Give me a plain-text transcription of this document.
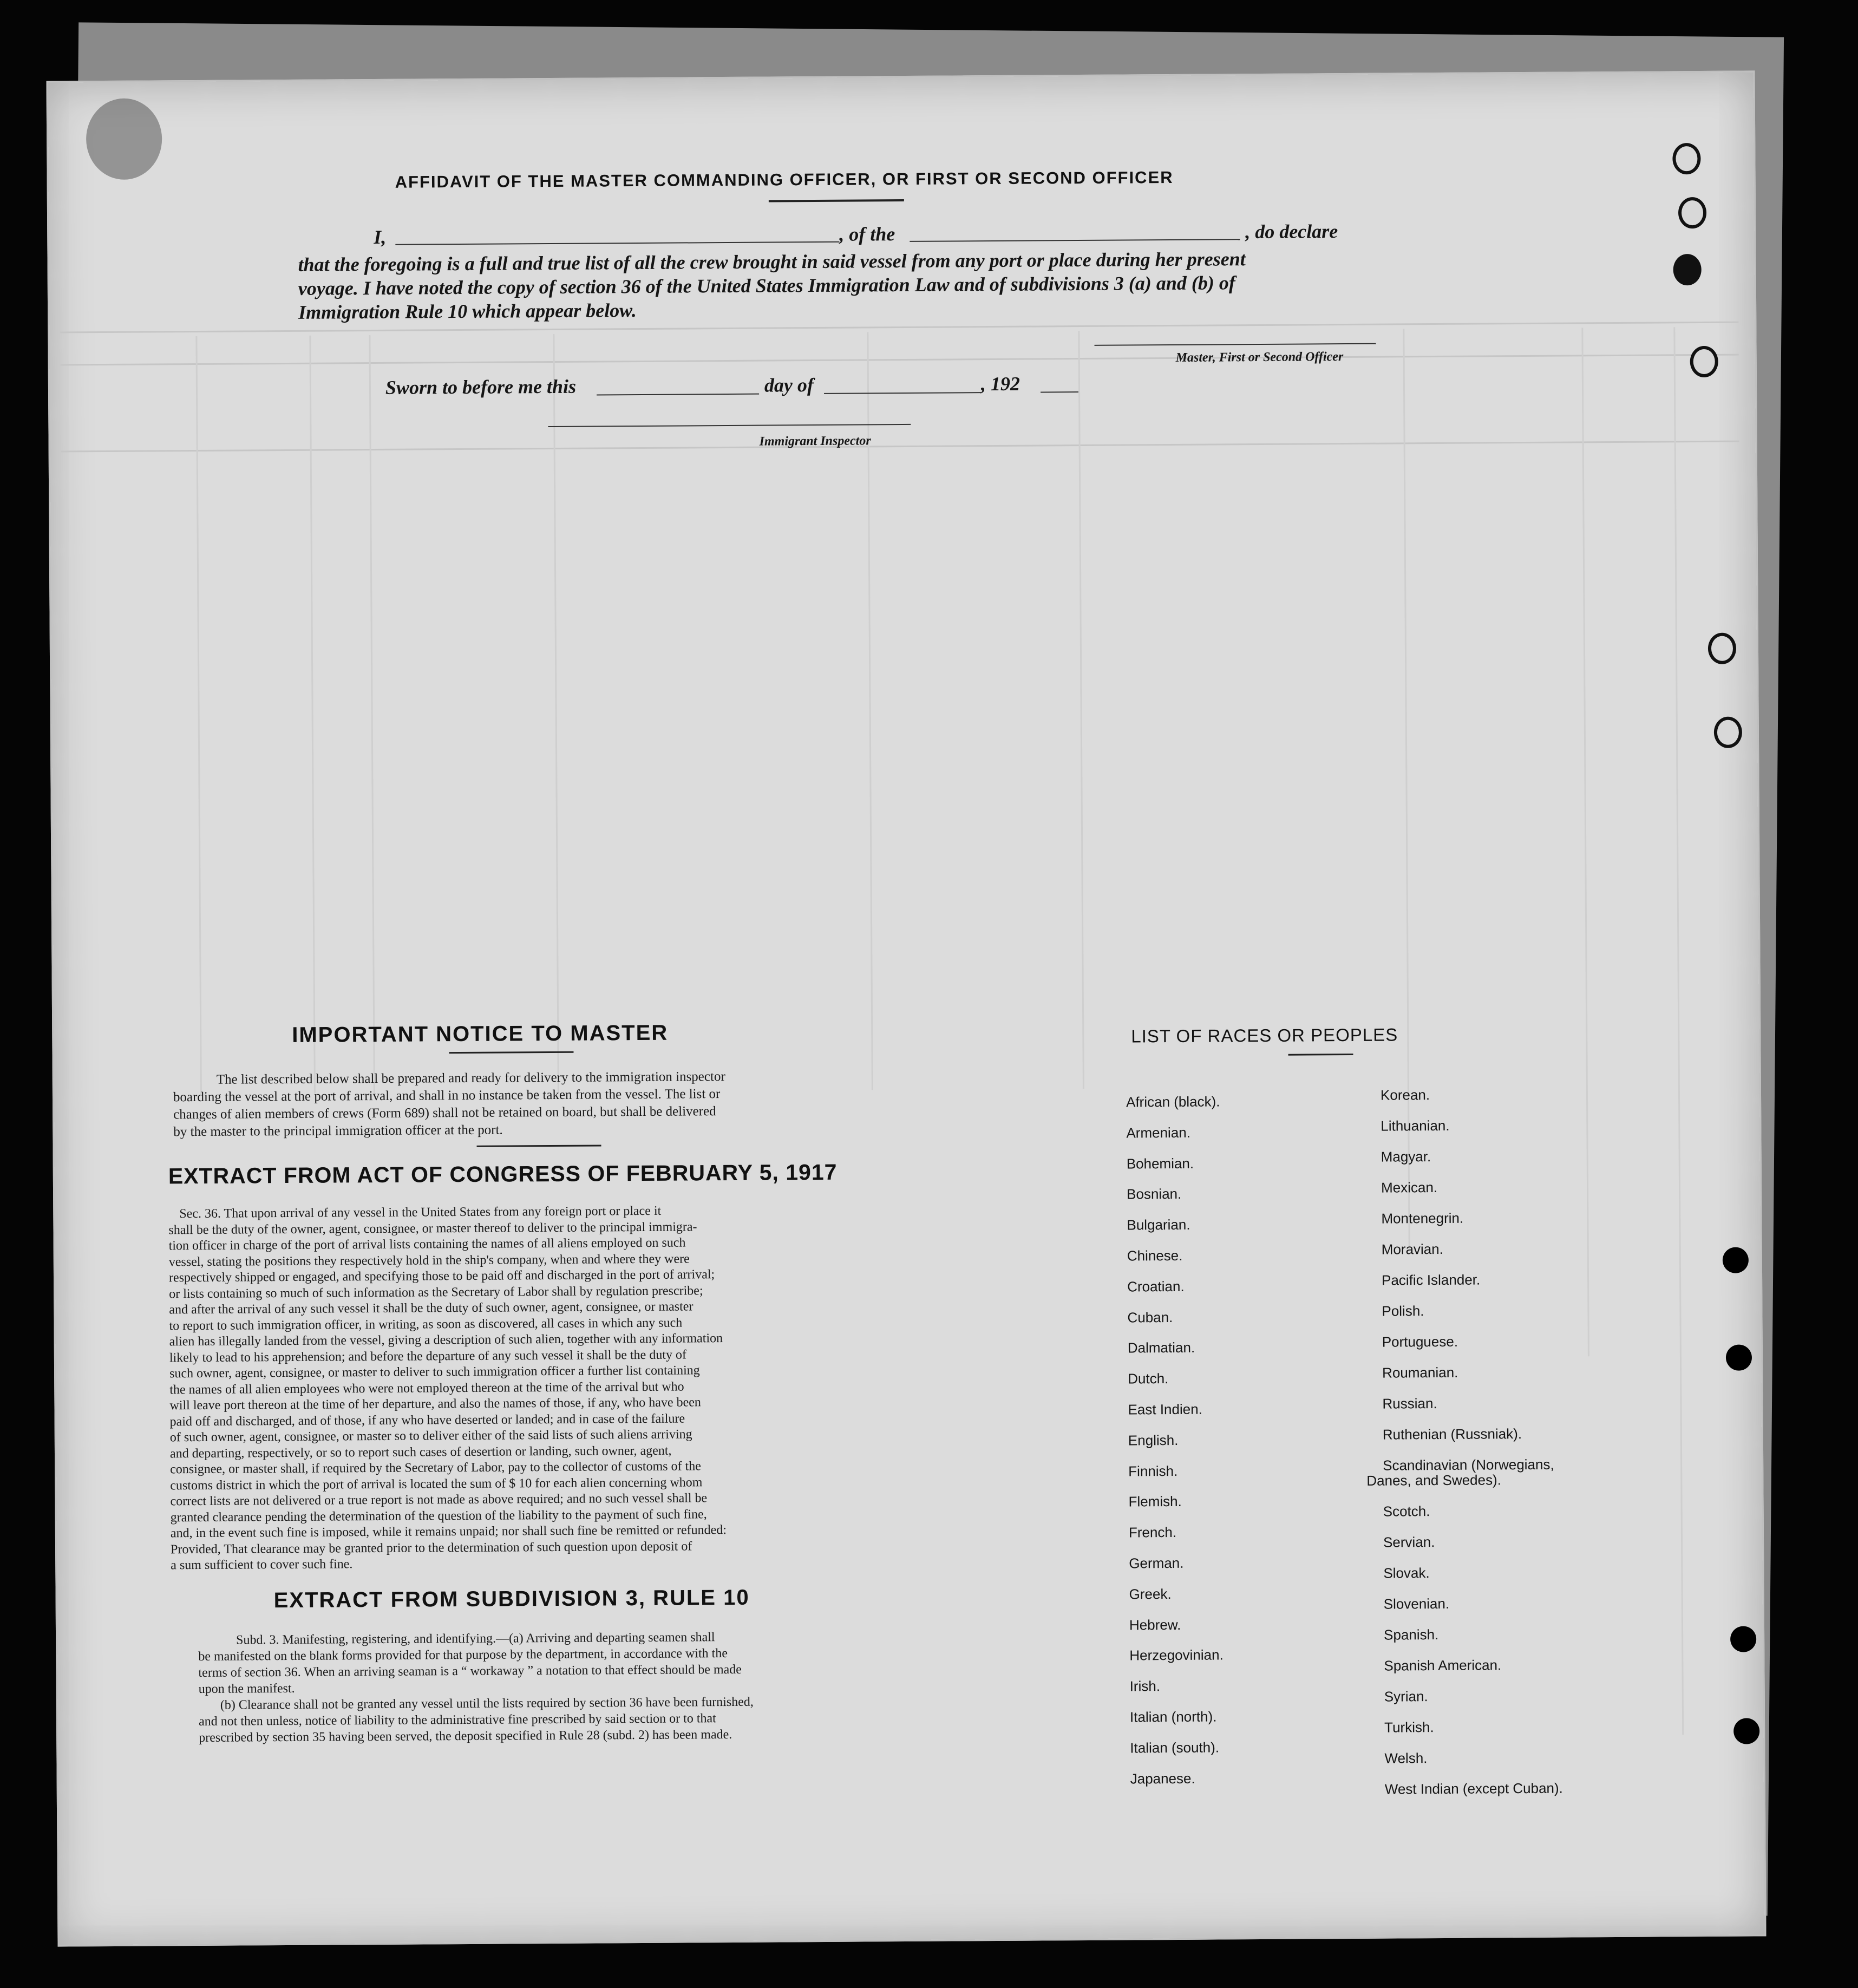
AFFIDAVIT OF THE MASTER COMMANDING OFFICER, OR FIRST OR SECOND OFFICER
I,	, of the	, do declare
that the foregoing is a full and true list of all the crew brought in said vessel from any port or place during her present
voyage. I have noted the copy of section 36 of the United States Immigration Law and of subdivisions 3 (a) and (b) of
Immigration Rule 10 which appear below.
Master, First or Second Officer
Sworn to before me this	day of	, 192
Immigrant Inspector
IMPORTANT NOTICE TO MASTER
The list described below shall be prepared and ready for delivery to the immigration inspector
boarding the vessel at the port of arrival, and shall in no instance be taken from the vessel. The list or
changes of alien members of crews (Form 689) shall not be retained on board, but shall be delivered
by the master to the principal immigration officer at the port.
EXTRACT FROM ACT OF CONGRESS OF FEBRUARY 5, 1917
Sec. 36. That upon arrival of any vessel in the United States from any foreign port or place it
shall be the duty of the owner, agent, consignee, or master thereof to deliver to the principal immigra-
tion officer in charge of the port of arrival lists containing the names of all aliens employed on such
vessel, stating the positions they respectively hold in the ship's company, when and where they were
respectively shipped or engaged, and specifying those to be paid off and discharged in the port of arrival;
or lists containing so much of such information as the Secretary of Labor shall by regulation prescribe;
and after the arrival of any such vessel it shall be the duty of such owner, agent, consignee, or master
to report to such immigration officer, in writing, as soon as discovered, all cases in which any such
alien has illegally landed from the vessel, giving a description of such alien, together with any information
likely to lead to his apprehension; and before the departure of any such vessel it shall be the duty of
such owner, agent, consignee, or master to deliver to such immigration officer a further list containing
the names of all alien employees who were not employed thereon at the time of the arrival but who
will leave port thereon at the time of her departure, and also the names of those, if any, who have been
paid off and discharged, and of those, if any who have deserted or landed; and in case of the failure
of such owner, agent, consignee, or master so to deliver either of the said lists of such aliens arriving
and departing, respectively, or so to report such cases of desertion or landing, such owner, agent,
consignee, or master shall, if required by the Secretary of Labor, pay to the collector of customs of the
customs district in which the port of arrival is located the sum of $ 10 for each alien concerning whom
correct lists are not delivered or a true report is not made as above required; and no such vessel shall be
granted clearance pending the determination of the question of the liability to the payment of such fine,
and, in the event such fine is imposed, while it remains unpaid; nor shall such fine be remitted or refunded:
Provided, That clearance may be granted prior to the determination of such question upon deposit of
a sum sufficient to cover such fine.
EXTRACT FROM SUBDIVISION 3, RULE 10
Subd. 3. Manifesting, registering, and identifying.—(a) Arriving and departing seamen shall
be manifested on the blank forms provided for that purpose by the department, in accordance with the
terms of section 36. When an arriving seaman is a “ workaway ” a notation to that effect should be made
upon the manifest.
(b) Clearance shall not be granted any vessel until the lists required by section 36 have been furnished,
and not then unless, notice of liability to the administrative fine prescribed by said section or to that
prescribed by section 35 having been served, the deposit specified in Rule 28 (subd. 2) has been made.
LIST OF RACES OR PEOPLES
African (black).
Armenian.
Bohemian.
Bosnian.
Bulgarian.
Chinese.
Croatian.
Cuban.
Dalmatian.
Dutch.
East Indien.
English.
Finnish.
Flemish.
French.
German.
Greek.
Hebrew.
Herzegovinian.
Irish.
Italian (north).
Italian (south).
Japanese.
Korean.
Lithuanian.
Magyar.
Mexican.
Montenegrin.
Moravian.
Pacific Islander.
Polish.
Portuguese.
Roumanian.
Russian.
Ruthenian (Russniak).
Scandinavian (Norwegians,
Danes, and Swedes).
Scotch.
Servian.
Slovak.
Slovenian.
Spanish.
Spanish American.
Syrian.
Turkish.
Welsh.
West Indian (except Cuban).
